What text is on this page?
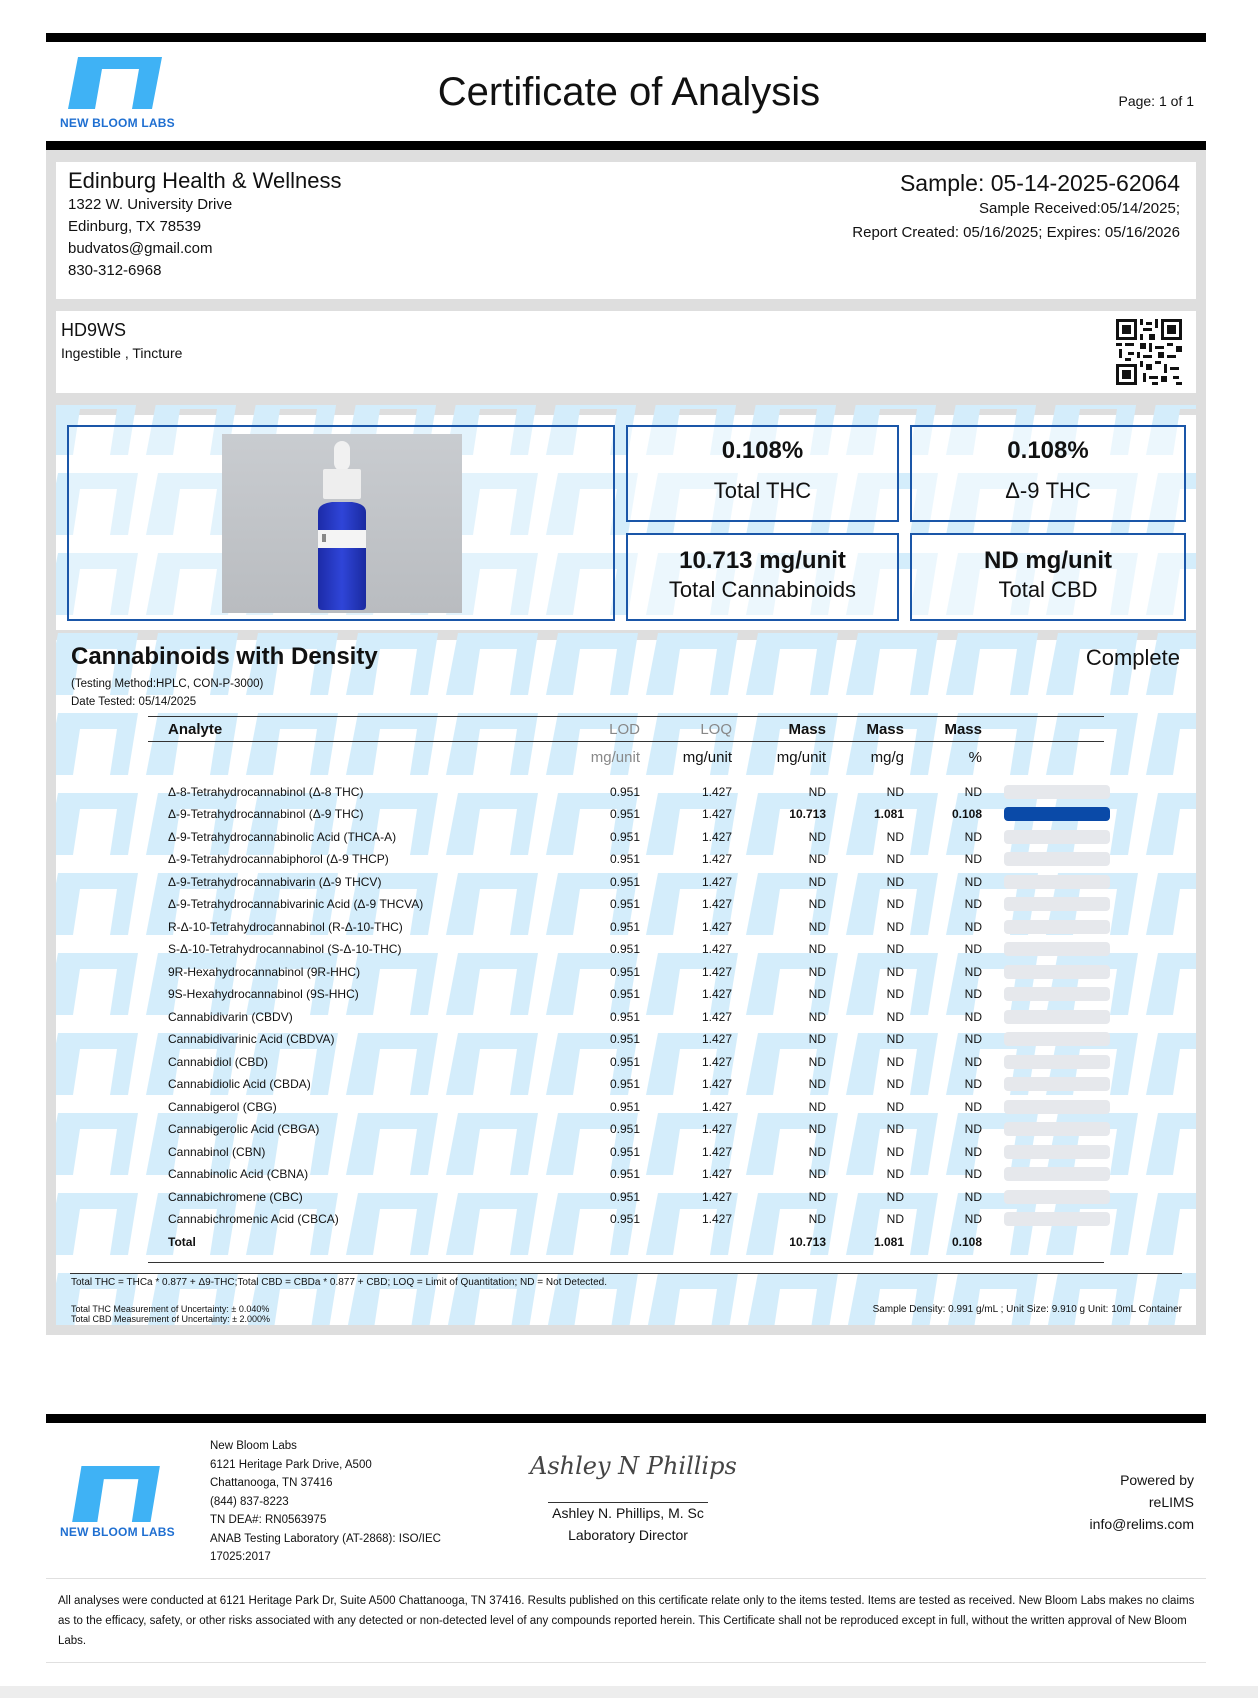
NEW BLOOM LABS
Certificate of Analysis	Page: 1 of 1
Edinburg Health & Wellness
1322 W. University Drive
Edinburg, TX 78539
budvatos@gmail.com
830-312-6968
Sample: 05-14-2025-62064
Sample Received:05/14/2025;
Report Created: 05/16/2025; Expires: 05/16/2026
HD9WS
Ingestible , Tincture
0.108%
Total THC
0.108%
Δ-9 THC
10.713 mg/unit
Total Cannabinoids
ND mg/unit
Total CBD
Cannabinoids with Density	Complete
(Testing Method:HPLC, CON-P-3000)
Date Tested: 05/14/2025
Analyte	LOD	LOQ	Mass	Mass	Mass		
	mg/unit	mg/unit	mg/unit	mg/g	%		

Δ-8-Tetrahydrocannabinol (Δ-8 THC)	0.951	1.427	ND	ND	ND		

Δ-9-Tetrahydrocannabinol (Δ-9 THC)	0.951	1.427	10.713	1.081	0.108		

Δ-9-Tetrahydrocannabinolic Acid (THCA-A)	0.951	1.427	ND	ND	ND		

Δ-9-Tetrahydrocannabiphorol (Δ-9 THCP)	0.951	1.427	ND	ND	ND		

Δ-9-Tetrahydrocannabivarin (Δ-9 THCV)	0.951	1.427	ND	ND	ND		

Δ-9-Tetrahydrocannabivarinic Acid (Δ-9 THCVA)	0.951	1.427	ND	ND	ND		

R-Δ-10-Tetrahydrocannabinol (R-Δ-10-THC)	0.951	1.427	ND	ND	ND		

S-Δ-10-Tetrahydrocannabinol (S-Δ-10-THC)	0.951	1.427	ND	ND	ND		

9R-Hexahydrocannabinol (9R-HHC)	0.951	1.427	ND	ND	ND		

9S-Hexahydrocannabinol (9S-HHC)	0.951	1.427	ND	ND	ND		

Cannabidivarin (CBDV)	0.951	1.427	ND	ND	ND		

Cannabidivarinic Acid (CBDVA)	0.951	1.427	ND	ND	ND		

Cannabidiol (CBD)	0.951	1.427	ND	ND	ND		

Cannabidiolic Acid (CBDA)	0.951	1.427	ND	ND	ND		

Cannabigerol (CBG)	0.951	1.427	ND	ND	ND		

Cannabigerolic Acid (CBGA)	0.951	1.427	ND	ND	ND		

Cannabinol (CBN)	0.951	1.427	ND	ND	ND		

Cannabinolic Acid (CBNA)	0.951	1.427	ND	ND	ND		

Cannabichromene (CBC)	0.951	1.427	ND	ND	ND		

Cannabichromenic Acid (CBCA)	0.951	1.427	ND	ND	ND		

Total			10.713	1.081	0.108		
Total THC = THCa * 0.877 + Δ9-THC;Total CBD = CBDa * 0.877 + CBD; LOQ = Limit of Quantitation; ND = Not Detected.
Total THC Measurement of Uncertainty: ± 0.040%
Total CBD Measurement of Uncertainty: ± 2.000%
Sample Density: 0.991 g/mL ; Unit Size: 9.910 g Unit: 10mL Container
NEW BLOOM LABS
New Bloom Labs
6121 Heritage Park Drive, A500
Chattanooga, TN 37416
(844) 837-8223
TN DEA#: RN0563975
ANAB Testing Laboratory (AT-2868): ISO/IEC
17025:2017
Ashley N Phillips
Ashley N. Phillips, M. Sc
Laboratory Director
Powered by
reLIMS
info@relims.com
All analyses were conducted at 6121 Heritage Park Dr, Suite A500 Chattanooga, TN 37416. Results published on this certificate relate only to the items tested. Items are tested as received. New Bloom Labs makes no claims as to the efficacy, safety, or other risks associated with any detected or non-detected level of any compounds reported herein. This Certificate shall not be reproduced except in full, without the written approval of New Bloom Labs.
